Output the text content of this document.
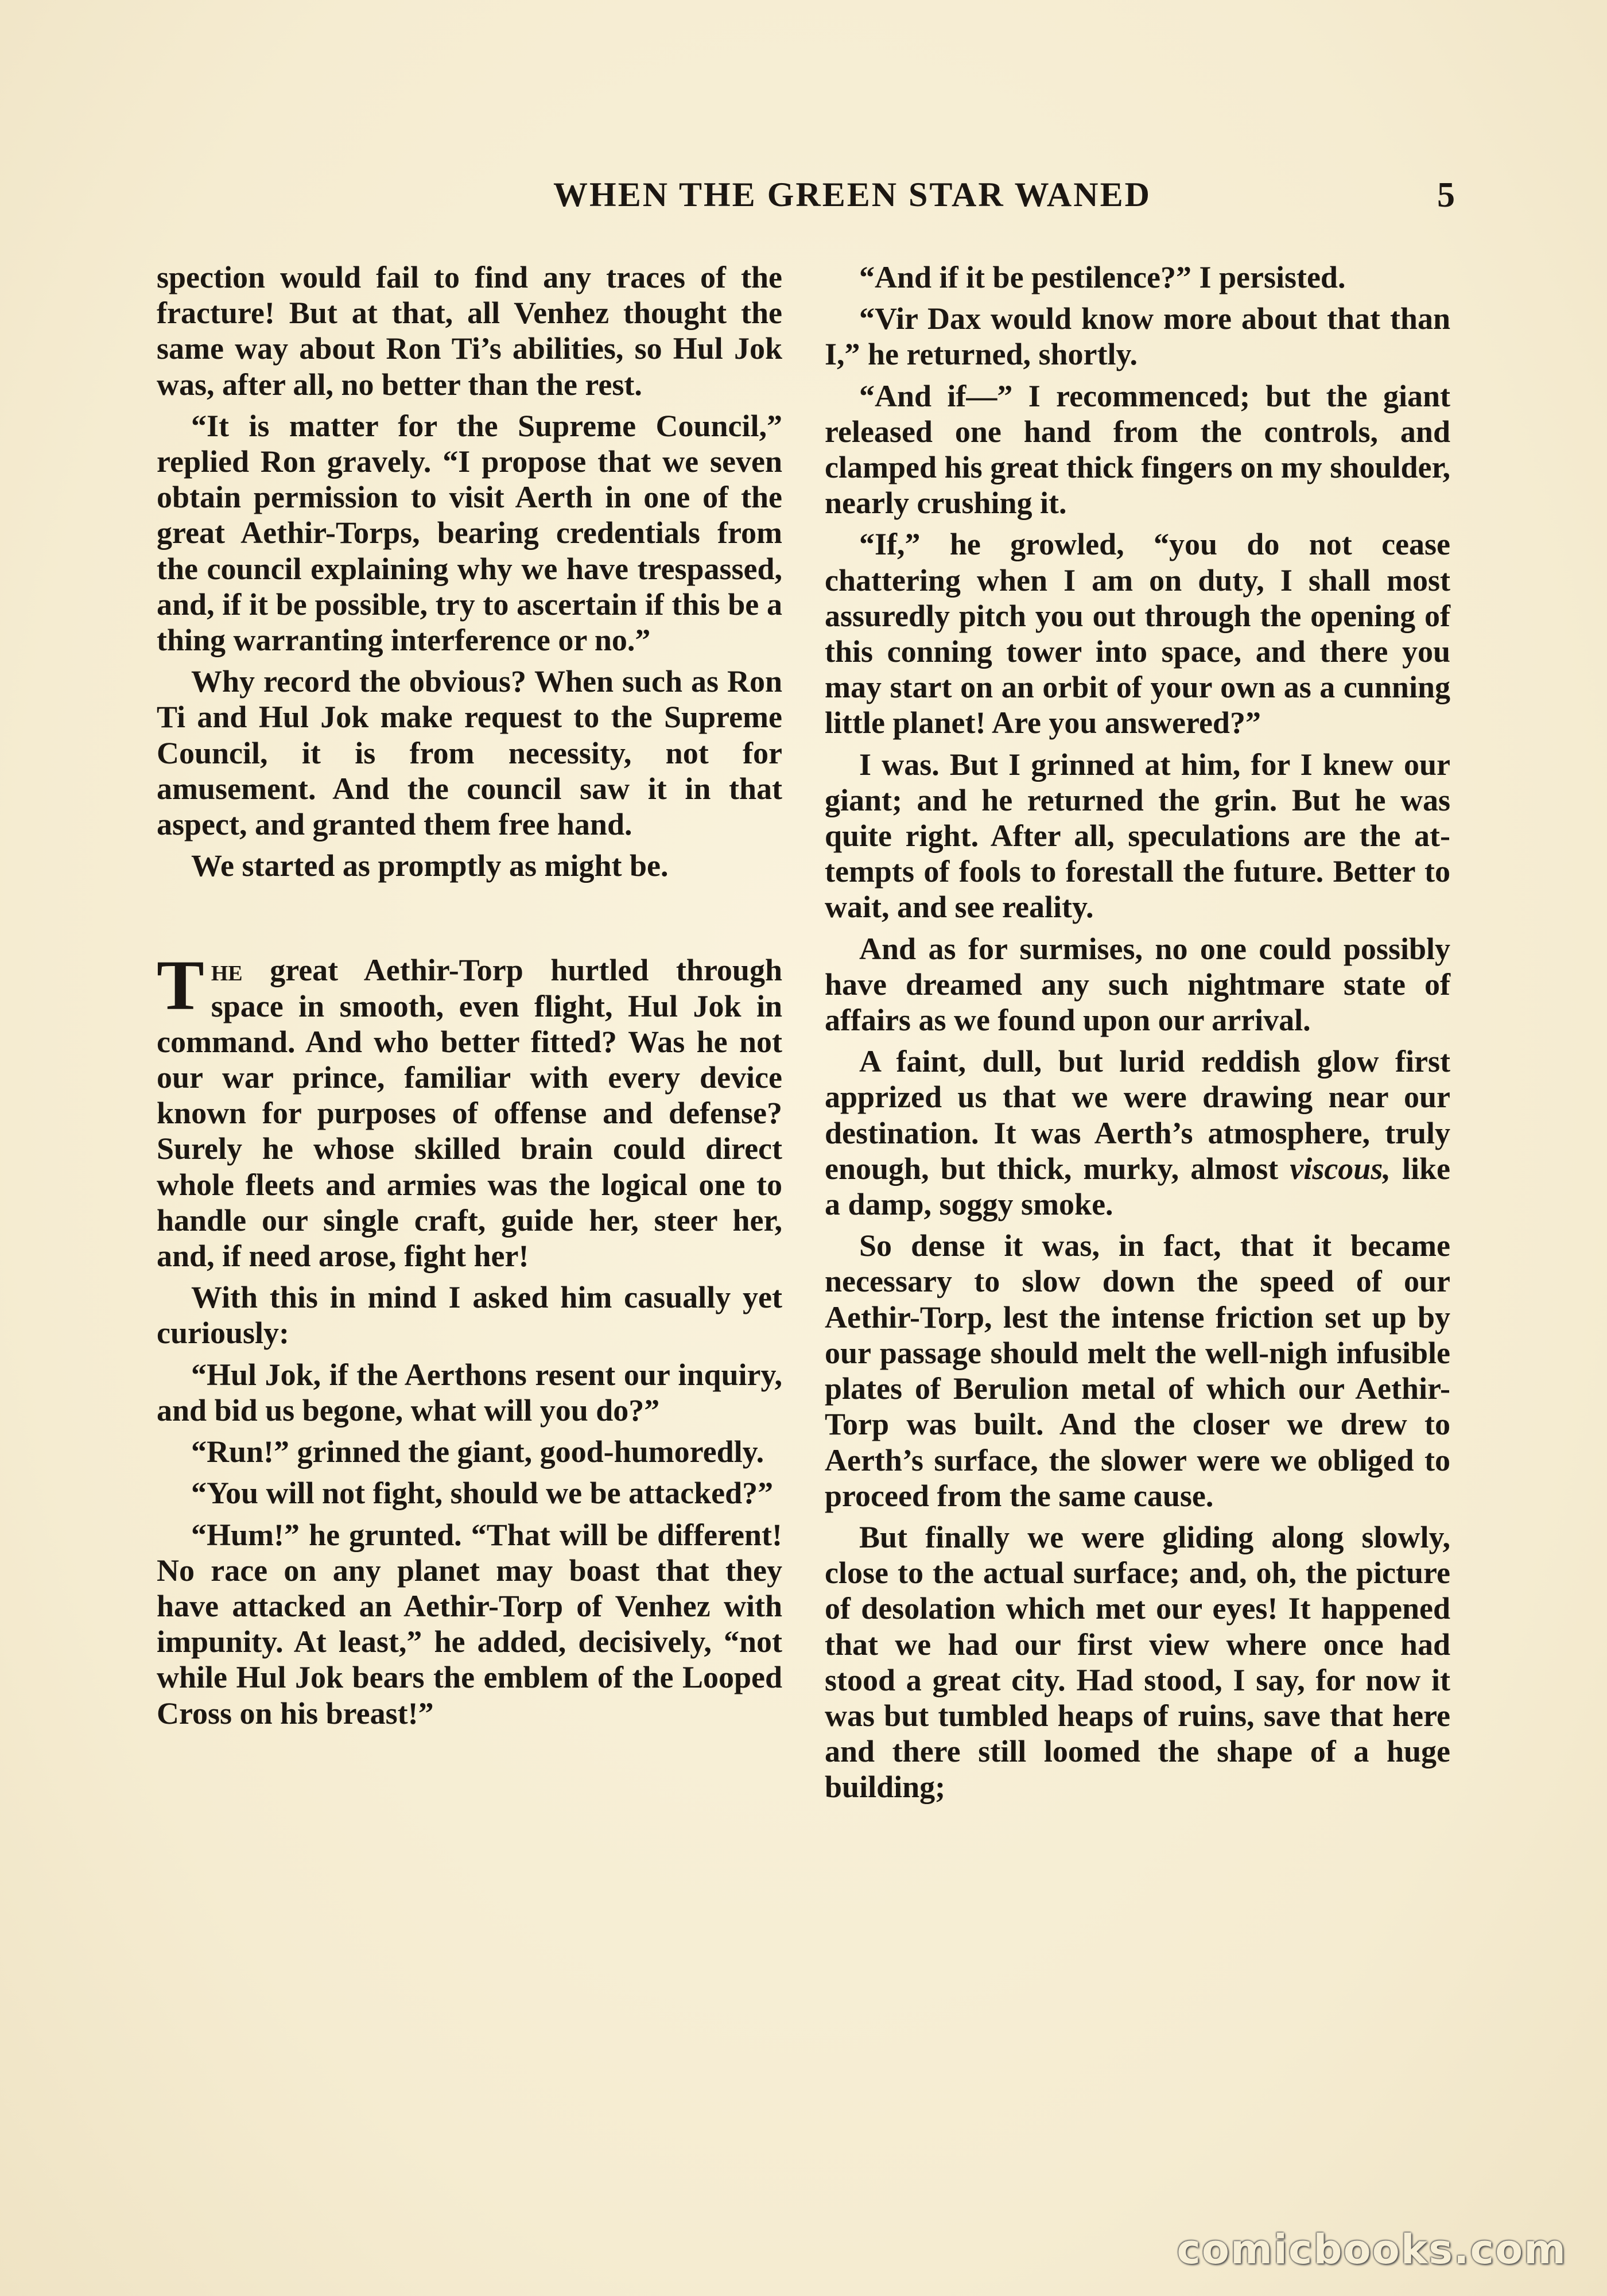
WHEN THE GREEN STAR WANED	5

spection would fail to find any traces of the fracture! But at that, all Venhez thought the same way about Ron Ti’s abilities, so Hul Jok was, after all, no better than the rest.

“It is matter for the Supreme Council,” replied Ron gravely. “I propose that we seven obtain permission to visit Aerth in one of the great Aethir-Torps, bearing credentials from the council explaining why we have trespassed, and, if it be possible, try to ascertain if this be a thing warranting interference or no.”

Why record the obvious? When such as Ron Ti and Hul Jok make request to the Supreme Council, it is from necessity, not for amusement. And the council saw it in that aspect, and granted them free hand.

We started as promptly as might be.

The great Aethir-Torp hurtled through space in smooth, even flight, Hul Jok in command. And who better fitted? Was he not our war prince, familiar with every device known for purposes of offense and defense? Surely he whose skilled brain could direct whole fleets and armies was the logical one to handle our single craft, guide her, steer her, and, if need arose, fight her!

With this in mind I asked him casually yet curiously:

“Hul Jok, if the Aerthons resent our inquiry, and bid us begone, what will you do?”

“Run!” grinned the giant, good-humoredly.

“You will not fight, should we be attacked?”

“Hum!” he grunted. “That will be different! No race on any planet may boast that they have attacked an Aethir-Torp of Venhez with impunity. At least,” he added, decisively, “not while Hul Jok bears the emblem of the Looped Cross on his breast!”

“And if it be pestilence?” I persisted.

“Vir Dax would know more about that than I,” he returned, shortly.

“And if—” I recommenced; but the giant released one hand from the controls, and clamped his great thick fingers on my shoulder, nearly crushing it.

“If,” he growled, “you do not cease chattering when I am on duty, I shall most assuredly pitch you out through the opening of this conning tower into space, and there you may start on an orbit of your own as a cunning little planet! Are you answered?”

I was. But I grinned at him, for I knew our giant; and he returned the grin. But he was quite right. After all, speculations are the attempts of fools to forestall the future. Better to wait, and see reality.

And as for surmises, no one could possibly have dreamed any such nightmare state of affairs as we found upon our arrival.

A faint, dull, but lurid reddish glow first apprized us that we were drawing near our destination. It was Aerth’s atmosphere, truly enough, but thick, murky, almost viscous, like a damp, soggy smoke.

So dense it was, in fact, that it became necessary to slow down the speed of our Aethir-Torp, lest the intense friction set up by our passage should melt the well-nigh infusible plates of Berulion metal of which our Aethir-Torp was built. And the closer we drew to Aerth’s surface, the slower were we obliged to proceed from the same cause.

But finally we were gliding along slowly, close to the actual surface; and, oh, the picture of desolation which met our eyes! It happened that we had our first view where once had stood a great city. Had stood, I say, for now it was but tumbled heaps of ruins, save that here and there still loomed the shape of a huge building;

comicbooks.com
